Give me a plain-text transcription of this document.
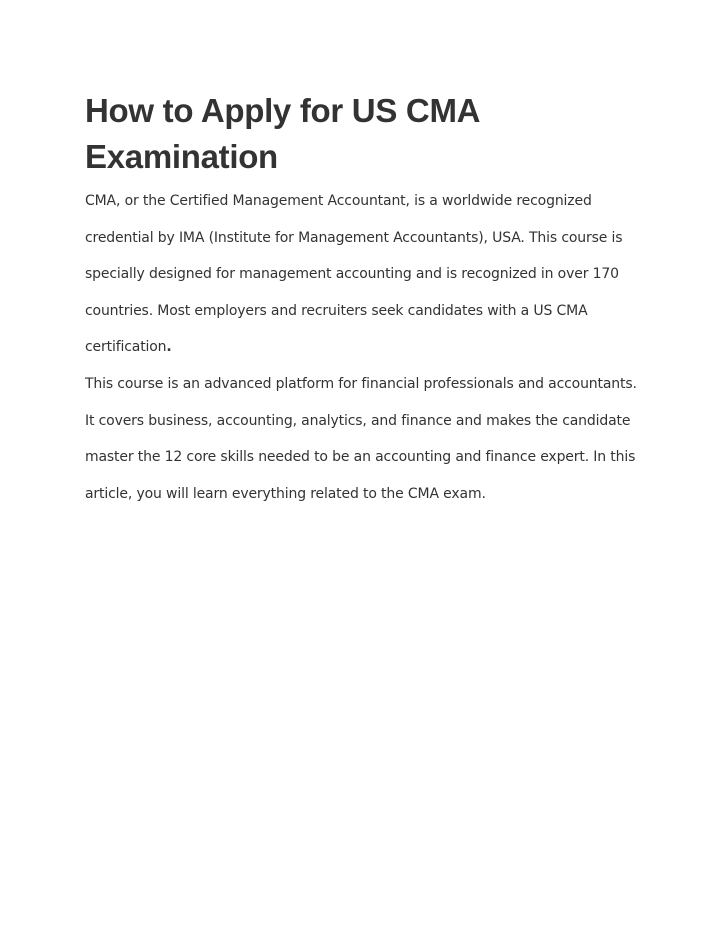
How to Apply for US CMA Examination

CMA, or the Certified Management Accountant, is a worldwide recognized credential by IMA (Institute for Management Accountants), USA. This course is specially designed for management accounting and is recognized in over 170 countries. Most employers and recruiters seek candidates with a US CMA certification.

This course is an advanced platform for financial professionals and accountants. It covers business, accounting, analytics, and finance and makes the candidate master the 12 core skills needed to be an accounting and finance expert. In this article, you will learn everything related to the CMA exam.
